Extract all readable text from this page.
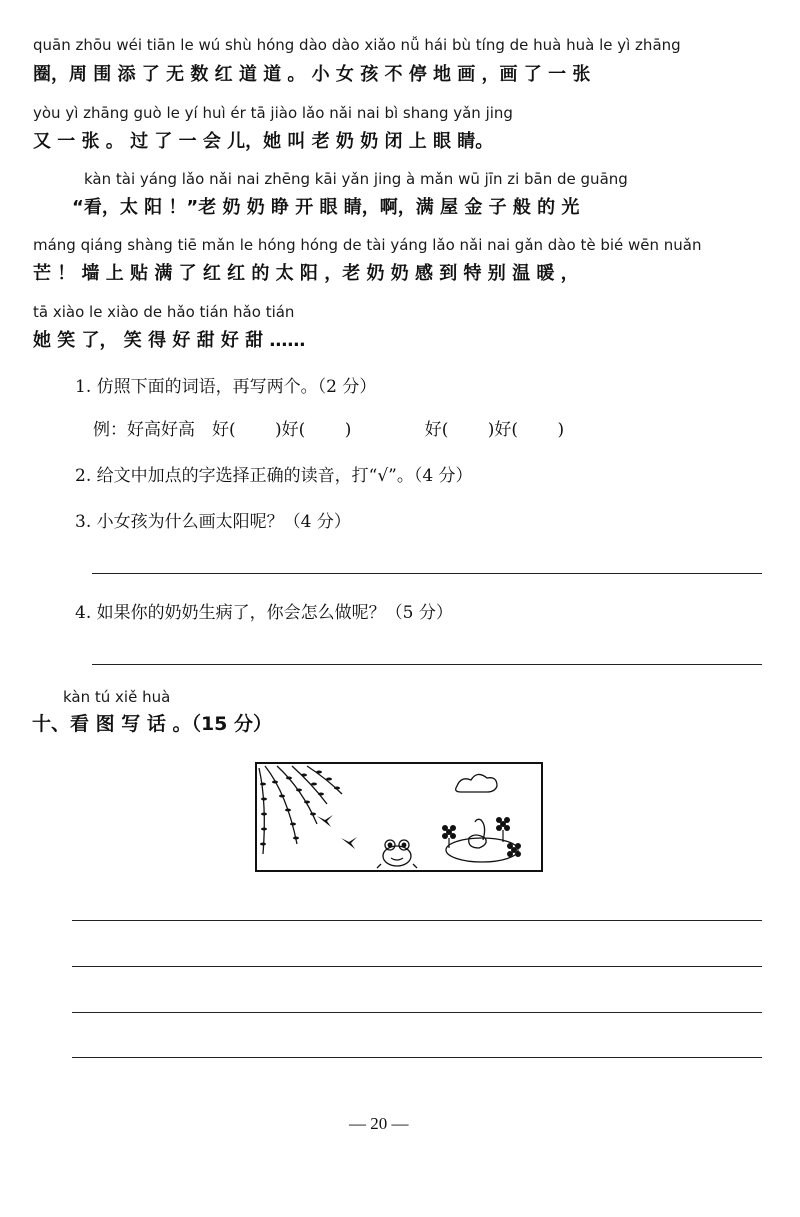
quān zhōu wéi tiān le wú shù hóng dào dào xiǎo nǚ hái bù tíng de huà huà le yì zhāng
圈，周 围 添 了 无 数 红 道 道 。 小 女 孩 不 停 地 画 ，画 了 一 张
yòu yì zhāng guò le yí huì ér tā jiào lǎo nǎi nai bì shang yǎn jing
又 一 张 。 过 了 一 会 儿，她 叫 老 奶 奶 闭 上 眼 睛。
kàn tài yáng lǎo nǎi nai zhēng kāi yǎn jing à mǎn wū jīn zi bān de guāng
“看，太 阳 ！”老 奶 奶 睁 开 眼 睛，啊，满 屋 金 子 般 的 光
máng qiáng shàng tiē mǎn le hóng hóng de tài yáng lǎo nǎi nai gǎn dào tè bié wēn nuǎn
芒 ！ 墙 上 贴 满 了 红 红 的 太 阳 ，老 奶 奶 感 到 特 别 温 暖 ，
tā xiào le xiào de hǎo tián hǎo tián
她 笑 了， 笑 得 好 甜 好 甜 ……
1. 仿照下面的词语，再写两个。（2 分）
例：好高好高　好(　　 )好(　　 )　　　　 好(　　 )好(　　 )
2. 给文中加点的字选择正确的读音，打“√”。（4 分）
3. 小女孩为什么画太阳呢？（4 分）
4. 如果你的奶奶生病了，你会怎么做呢？（5 分）
kàn tú xiě huà
十、看 图 写 话 。（15 分）
— 20 —
